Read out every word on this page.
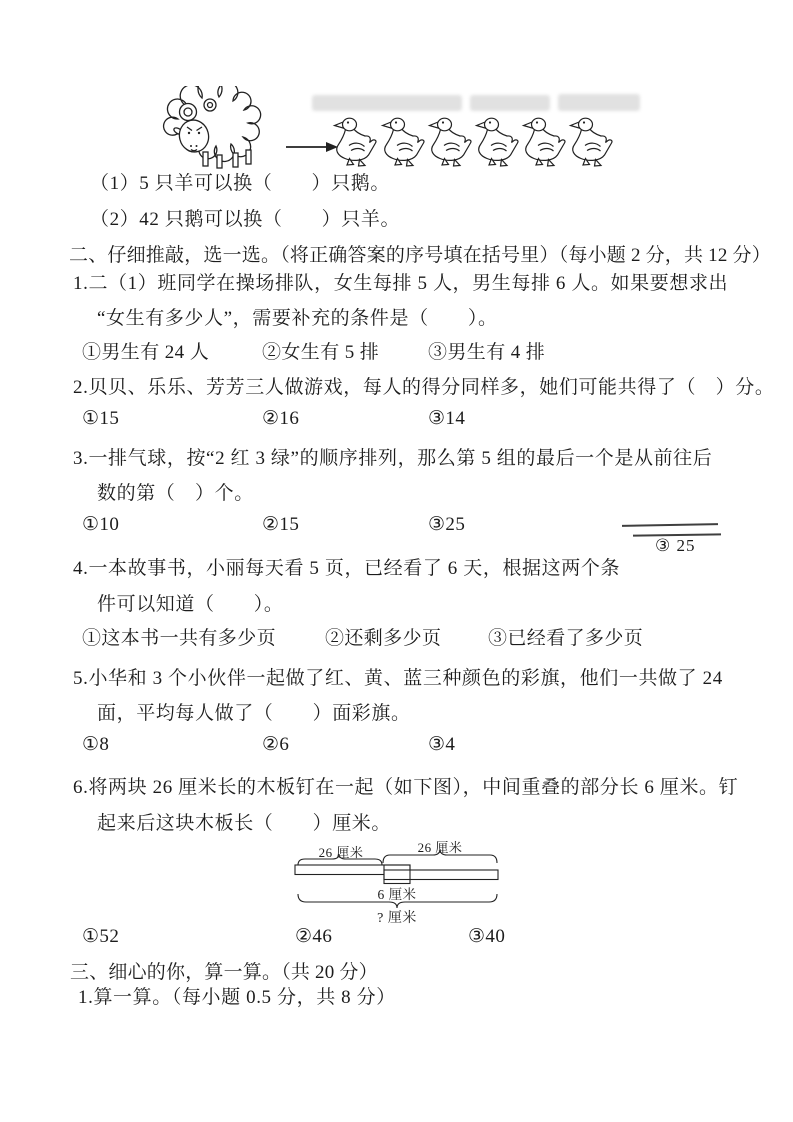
（1）5 只羊可以换（　　）只鹅。
（2）42 只鹅可以换（　　）只羊。
二、仔细推敲，选一选。（将正确答案的序号填在括号里）（每小题 2 分，共 12 分）
1.二（1）班同学在操场排队，女生每排 5 人，男生每排 6 人。如果要想求出
“女生有多少人”，需要补充的条件是（　　）。
①男生有 24 人	②女生有 5 排	③男生有 4 排
2.贝贝、乐乐、芳芳三人做游戏，每人的得分同样多，她们可能共得了（　）分。
①15	②16	③14
3.一排气球，按“2 红 3 绿”的顺序排列，那么第 5 组的最后一个是从前往后
数的第（　）个。
①10	②15	③25
③ 25
4.一本故事书，小丽每天看 5 页，已经看了 6 天，根据这两个条
件可以知道（　　）。
①这本书一共有多少页	②还剩多少页 ③已经看了多少页
5.小华和 3 个小伙伴一起做了红、黄、蓝三种颜色的彩旗，他们一共做了 24
面，平均每人做了（　　）面彩旗。
①8	②6	③4
6.将两块 26 厘米长的木板钉在一起（如下图），中间重叠的部分长 6 厘米。钉
起来后这块木板长（　　）厘米。
26 厘米	26 厘米
6 厘米
? 厘米
①52	②46	③40
三、细心的你，算一算。（共 20 分）
1.算一算。（每小题 0.5 分，共 8 分）
